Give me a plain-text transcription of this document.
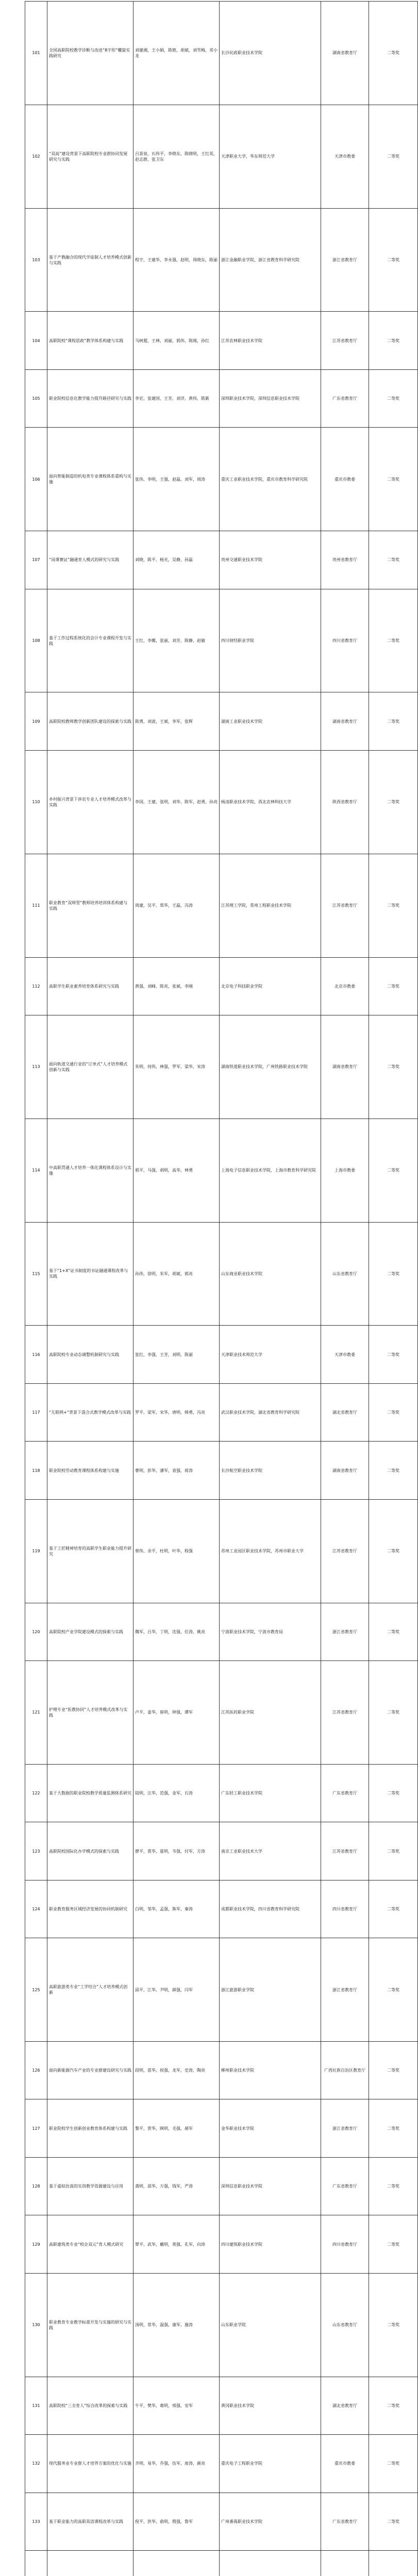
101	全国高职院校教学诊断与改进“8字形”螺旋实践研究	刘建湘，王小娟，陈艳，胡斌，刘雪梅，邓小龙	长沙民政职业技术学院	湖南省教育厅	二等奖
102	“双高”建设背景下高职院校专业群协同发展研究与实践	吕景泉，石伟平，李晓东，陈晓明，王红英，赵志群，张卫东	天津职业大学，华东师范大学	天津市教委	二等奖
103	基于产教融合的现代学徒制人才培养模式创新与实践	程宇，王建华，李永强，赵明，周晓东，陈丽	浙江金融职业学院，浙江省教育科学研究院	浙江省教育厅	二等奖
104	高职院校“课程思政”教学体系构建与实践	马树超，王林，刘丽，郭伟，陈刚，孙红	江苏农林职业技术学院	江苏省教育厅	二等奖
105	职业院校信息化教学能力提升路径研究与实践	李宏，张建国，王芳，刘洋，黄伟，陈新	深圳职业技术学院，深圳信息职业技术学院	广东省教育厅	二等奖
106	面向智能制造的机电类专业课程体系重构与实施	张伟，李明，王强，赵磊，刘军，周涛	重庆工业职业技术学院，重庆市教育科学研究院	重庆市教委	二等奖
107	“岗课赛证”融通育人模式的研究与实践	刘晓，陈平，杨光，吴静，孙磊	贵州交通职业技术学院	贵州省教育厅	二等奖
108	基于工作过程系统化的会计专业课程开发与实践	王红，李娜，张丽，刘芳，陈静，赵敏	四川财经职业学院	四川省教育厅	二等奖
109	高职院校教师教学创新团队建设的探索与实践	陈勇，刘波，王斌，李军，张辉	湖南工业职业技术学院	湖南省教育厅	二等奖
110	乡村振兴背景下涉农专业人才培养模式改革与实践	李国，王建，张明，刘华，陈军，赵勇，孙亮	杨凌职业技术学院，西北农林科技大学	陕西省教育厅	二等奖
111	职业教育“双师型”教师培养培训体系构建与实践	周建，吴平，郑华，王磊，冯涛	江苏理工学院，常州工程职业技术学院	江苏省教育厅	二等奖
112	高职学生职业素养培育体系研究与实践	黄强，刘峰，陈亮，张斌，李刚	北京电子科技职业学院	北京市教委	二等奖
113	面向轨道交通行业的“订单式”人才培养模式创新与实践	朱明，何伟，林强，罗军，梁华，宋涛	湖南铁道职业技术学院，广州铁路职业技术学院	湖南省教育厅	二等奖
114	中高职贯通人才培养一体化课程体系设计与实施	郭平，马强，胡明，高华，林勇	上海电子信息职业技术学院，上海市教育科学研究院	上海市教委	二等奖
115	基于“1+X”证书制度的书证融通课程改革与实践	孙伟，徐明，朱军，胡斌，郭亮	山东商业职业技术学院	山东省教育厅	二等奖
116	高职院校专业动态调整机制研究与实践	张红，李强，王芳，刘明，陈丽	天津职业技术师范大学	天津市教委	二等奖
117	“互联网+”背景下混合式教学模式改革与实践	罗平，梁军，宋华，唐明，韩勇，冯亮	武汉职业技术学院，湖北省教育科学研究院	湖北省教育厅	二等奖
118	职业院校劳动教育课程体系构建与实施	曹明，彭华，潘军，袁强，蒋涛	长沙航空职业技术学院	湖南省教育厅	二等奖
119	基于工匠精神培育的高职学生职业能力提升研究	蔡伟，余平，杜明，叶华，程强	苏州工业园区职业技术学院，苏州市职业大学	江苏省教育厅	二等奖
120	高职院校产业学院建设模式的探索与实践	魏军，吕华，丁明，沈强，任涛，姚亮	宁波职业技术学院，宁波市教育局	浙江省教育厅	二等奖
121	护理专业“医教协同”人才培养模式改革与实践	卢平，姜华，崔明，钟强，谭军	江苏医药职业学院	江苏省教育厅	二等奖
122	基于大数据的职业院校教学质量监测体系研究	陆明，汪华，范强，金军，石涛	广东轻工职业技术学院	广东省教育厅	二等奖
123	高职院校国际化办学模式的探索与实践	廖平，贾华，夏明，韦强，付军，方涛	南京工业职业技术大学	江苏省教育厅	二等奖
124	职业教育服务区域经济发展的协同机制研究	白明，邹华，孟强，熊军，秦涛	成都职业技术学院，四川省教育科学研究院	四川省教育厅	二等奖
125	高职旅游类专业“工学结合”人才培养模式创新	邱平，江华，尹明，薛强，闫军	浙江旅游职业学院	浙江省教育厅	二等奖
126	面向新能源汽车产业的专业群建设研究与实践	段明，雷华，侯强，龙军，史涛，陶亮	柳州职业技术学院	广西壮族自治区教育厅	二等奖
127	职业院校学生创新创业教育体系构建与实践	黎平，贺华，顾明，毛强，郝军	金华职业技术学院	浙江省教育厅	二等奖
128	基于虚拟仿真的实训教学资源建设与应用	龚明，邵华，万强，钱军，严涛	深圳信息职业技术学院	广东省教育厅	二等奖
129	高职建筑类专业“校企双元”育人模式研究	覃平，武华，戴明，莫强，孔军，向涛	四川建筑职业技术学院	四川省教育厅	二等奖
130	职业教育专业教学标准开发与实施的研究与实践	汤明，常华，温强，康军，施涛	山东职业学院	山东省教育厅	二等奖
131	高职院校“三全育人”综合改革的探索与实践	牛平，樊华，葛明，邢强，安军	黄冈职业技术学院	湖北省教育厅	二等奖
132	现代服务业专业群人才培养方案的优化与实施	齐明，易华，乔强，伍军，庞涛，颜亮	重庆电子工程职业学院	重庆市教委	二等奖
133	基于职业能力的高职英语课程改革与实践	倪平，洪华，俞明，殷强，鲁军	广州番禺职业技术学院	广东省教育厅	二等奖
